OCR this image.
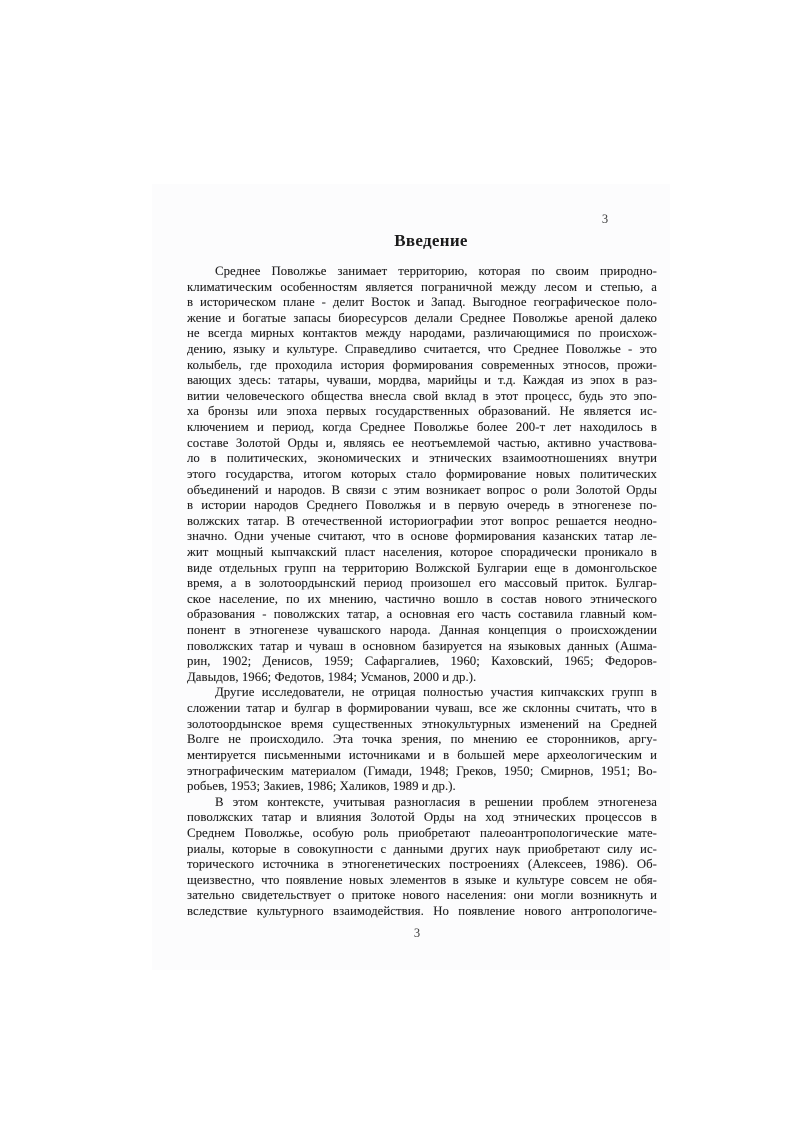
3
Введение
Среднее Поволжье занимает территорию, которая по своим природно-
климатическим особенностям является пограничной между лесом и степью, а
в историческом плане - делит Восток и Запад. Выгодное географическое поло-
жение и богатые запасы биоресурсов делали Среднее Поволжье ареной далеко
не всегда мирных контактов между народами, различающимися по происхож-
дению, языку и культуре. Справедливо считается, что Среднее Поволжье - это
колыбель, где проходила история формирования современных этносов, прожи-
вающих здесь: татары, чуваши, мордва, марийцы и т.д. Каждая из эпох в раз-
витии человеческого общества внесла свой вклад в этот процесс, будь это эпо-
ха бронзы или эпоха первых государственных образований. Не является ис-
ключением и период, когда Среднее Поволжье более 200-т лет находилось в
составе Золотой Орды и, являясь ее неотъемлемой частью, активно участвова-
ло в политических, экономических и этнических взаимоотношениях внутри
этого государства, итогом которых стало формирование новых политических
объединений и народов. В связи с этим возникает вопрос о роли Золотой Орды
в истории народов Среднего Поволжья и в первую очередь в этногенезе по-
волжских татар. В отечественной историографии этот вопрос решается неодно-
значно. Одни ученые считают, что в основе формирования казанских татар ле-
жит мощный кыпчакский пласт населения, которое спорадически проникало в
виде отдельных групп на территорию Волжской Булгарии еще в домонгольское
время, а в золотоордынский период произошел его массовый приток. Булгар-
ское население, по их мнению, частично вошло в состав нового этнического
образования - поволжских татар, а основная его часть составила главный ком-
понент в этногенезе чувашского народа. Данная концепция о происхождении
поволжских татар и чуваш в основном базируется на языковых данных (Ашма-
рин, 1902; Денисов, 1959; Сафаргалиев, 1960; Каховский, 1965; Федоров-
Давыдов, 1966; Федотов, 1984; Усманов, 2000 и др.).
Другие исследователи, не отрицая полностью участия кипчакских групп в
сложении татар и булгар в формировании чуваш, все же склонны считать, что в
золотоордынское время существенных этнокультурных изменений на Средней
Волге не происходило. Эта точка зрения, по мнению ее сторонников, аргу-
ментируется письменными источниками и в большей мере археологическим и
этнографическим материалом (Гимади, 1948; Греков, 1950; Смирнов, 1951; Во-
робьев, 1953; Закиев, 1986; Халиков, 1989 и др.).
В этом контексте, учитывая разногласия в решении проблем этногенеза
поволжских татар и влияния Золотой Орды на ход этнических процессов в
Среднем Поволжье, особую роль приобретают палеоантропологические мате-
риалы, которые в совокупности с данными других наук приобретают силу ис-
торического источника в этногенетических построениях (Алексеев, 1986). Об-
щеизвестно, что появление новых элементов в языке и культуре совсем не обя-
зательно свидетельствует о притоке нового населения: они могли возникнуть и
вследствие культурного взаимодействия. Но появление нового антропологиче-
3
